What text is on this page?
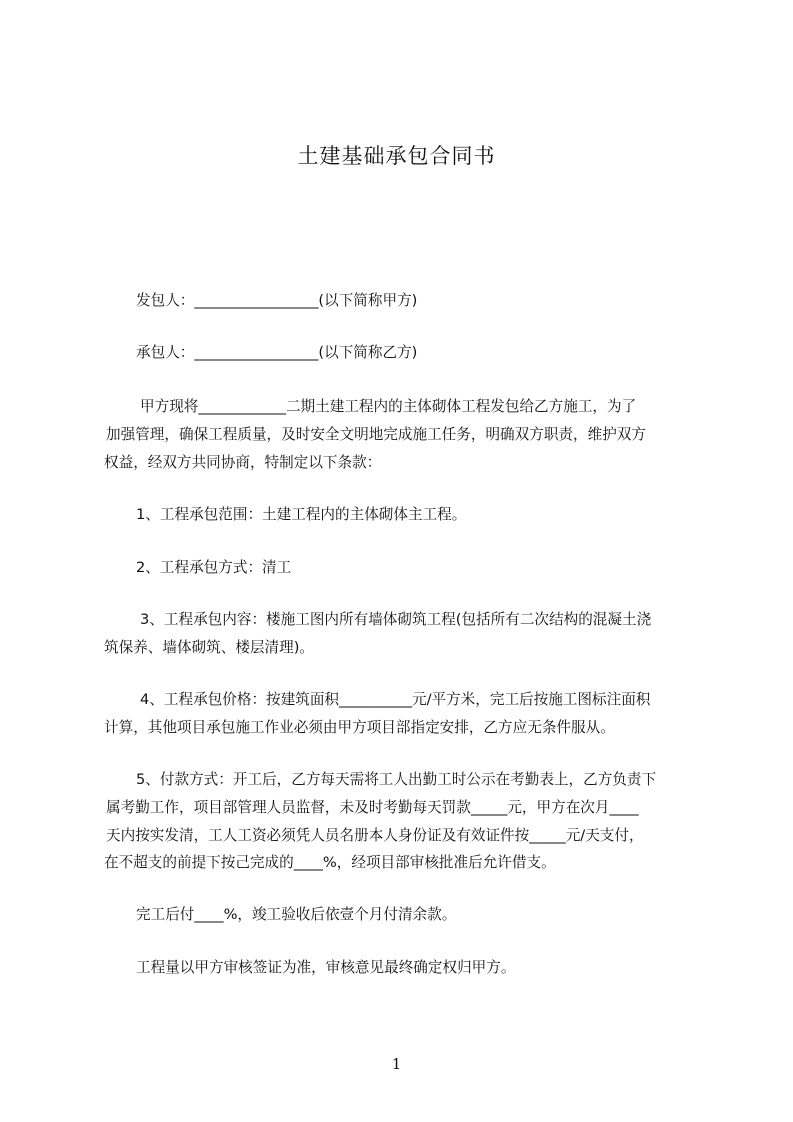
土建基础承包合同书
发包人：_________________(以下简称甲方)
承包人：_________________(以下简称乙方)
甲方现将____________二期土建工程内的主体砌体工程发包给乙方施工，为了
加强管理，确保工程质量，及时安全文明地完成施工任务，明确双方职责，维护双方
权益，经双方共同协商，特制定以下条款：
1、工程承包范围：土建工程内的主体砌体主工程。
2、工程承包方式：清工
3、工程承包内容：楼施工图内所有墙体砌筑工程(包括所有二次结构的混凝土浇
筑保养、墙体砌筑、楼层清理)。
4、工程承包价格：按建筑面积__________元/平方米，完工后按施工图标注面积
计算，其他项目承包施工作业必须由甲方项目部指定安排，乙方应无条件服从。
5、付款方式：开工后，乙方每天需将工人出勤工时公示在考勤表上，乙方负责下
属考勤工作，项目部管理人员监督，未及时考勤每天罚款_____元，甲方在次月____
天内按实发清，工人工资必须凭人员名册本人身份证及有效证件按_____元/天支付，
在不超支的前提下按己完成的____%，经项目部审核批准后允许借支。
完工后付____%，竣工验收后依壹个月付清余款。
工程量以甲方审核签证为准，审核意见最终确定权归甲方。
1
